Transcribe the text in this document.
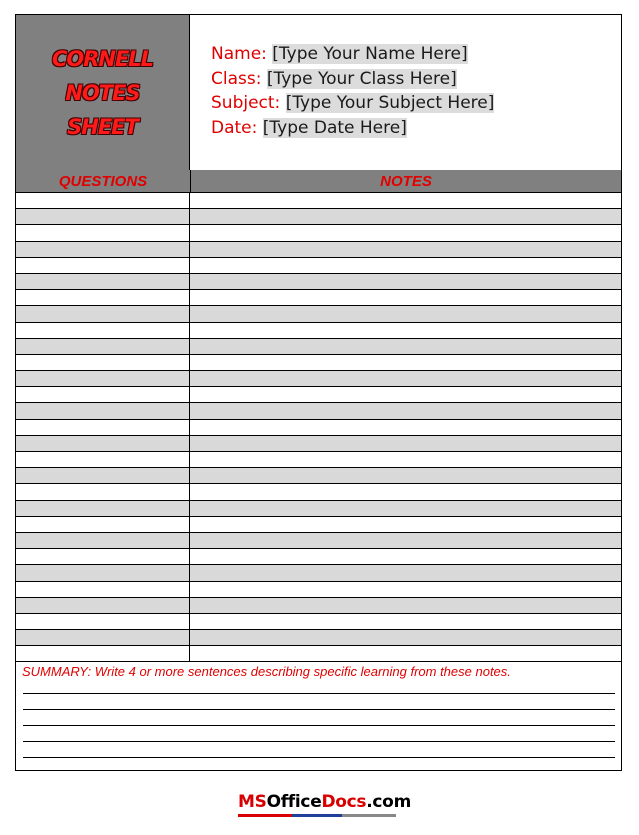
CORNELL
NOTES
SHEET
Name: [Type Your Name Here]
Class: [Type Your Class Here]
Subject: [Type Your Subject Here]
Date: [Type Date Here]
QUESTIONS	NOTES
SUMMARY: Write 4 or more sentences describing specific learning from these notes.
MSOfficeDocs.com
